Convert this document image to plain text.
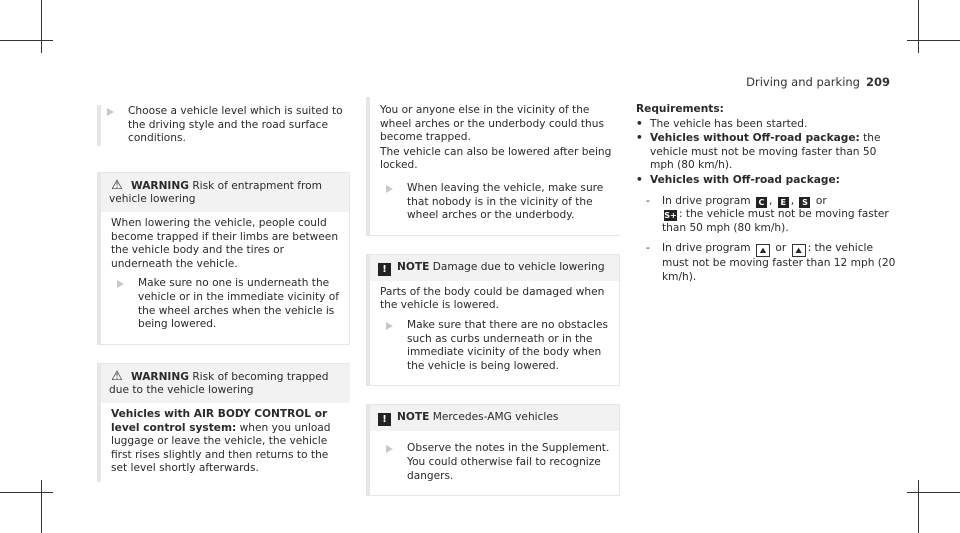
Driving and parking 209
Choose a vehicle level which is suited to the driving style and the road surface conditions.
⚠ WARNING Risk of entrapment from vehicle lowering

When lowering the vehicle, people could become trapped if their limbs are between the vehicle body and the tires or underneath the vehicle.

Make sure no one is underneath the vehicle or in the immediate vicinity of the wheel arches when the vehicle is being lowered.
⚠ WARNING Risk of becoming trapped due to the vehicle lowering

Vehicles with AIR BODY CONTROL or level control system: when you unload luggage or leave the vehicle, the vehicle first rises slightly and then returns to the set level shortly afterwards.

You or anyone else in the vicinity of the wheel arches or the underbody could thus become trapped.

The vehicle can also be lowered after being locked.

When leaving the vehicle, make sure that nobody is in the vicinity of the wheel arches or the underbody.
! NOTE Damage due to vehicle lowering

Parts of the body could be damaged when the vehicle is lowered.

Make sure that there are no obstacles such as curbs underneath or in the immediate vicinity of the body when the vehicle is being lowered.
! NOTE Mercedes-AMG vehicles
Observe the notes in the Supplement. You could otherwise fail to recognize dangers.
Requirements:
• The vehicle has been started.
• Vehicles without Off-road package: the vehicle must not be moving faster than 50 mph (80 km/h).
• Vehicles with Off-road package:
-	In drive program C , E , S or
S+ : the vehicle must not be moving faster than 50 mph (80 km/h).
-	In drive program ⛰ or ⛰ : the vehicle must not be moving faster than 12 mph (20 km/h).
